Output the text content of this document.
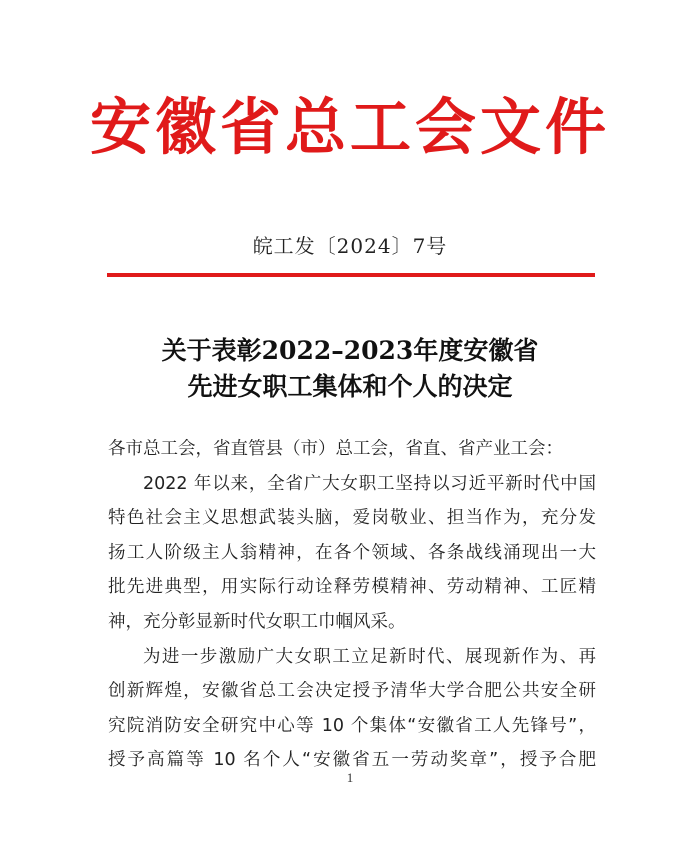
安徽省总工会文件
皖工发〔2024〕7号
关于表彰2022–2023年度安徽省
先进女职工集体和个人的决定
各市总工会，省直管县（市）总工会，省直、省产业工会：
2022 年以来，全省广大女职工坚持以习近平新时代中国
特色社会主义思想武装头脑，爱岗敬业、担当作为，充分发
扬工人阶级主人翁精神，在各个领域、各条战线涌现出一大
批先进典型，用实际行动诠释劳模精神、劳动精神、工匠精
神，充分彰显新时代女职工巾帼风采。
为进一步激励广大女职工立足新时代、展现新作为、再
创新辉煌，安徽省总工会决定授予清华大学合肥公共安全研
究院消防安全研究中心等 10 个集体“安徽省工人先锋号”，
授予高篇等 10 名个人“安徽省五一劳动奖章”，授予合肥
1
